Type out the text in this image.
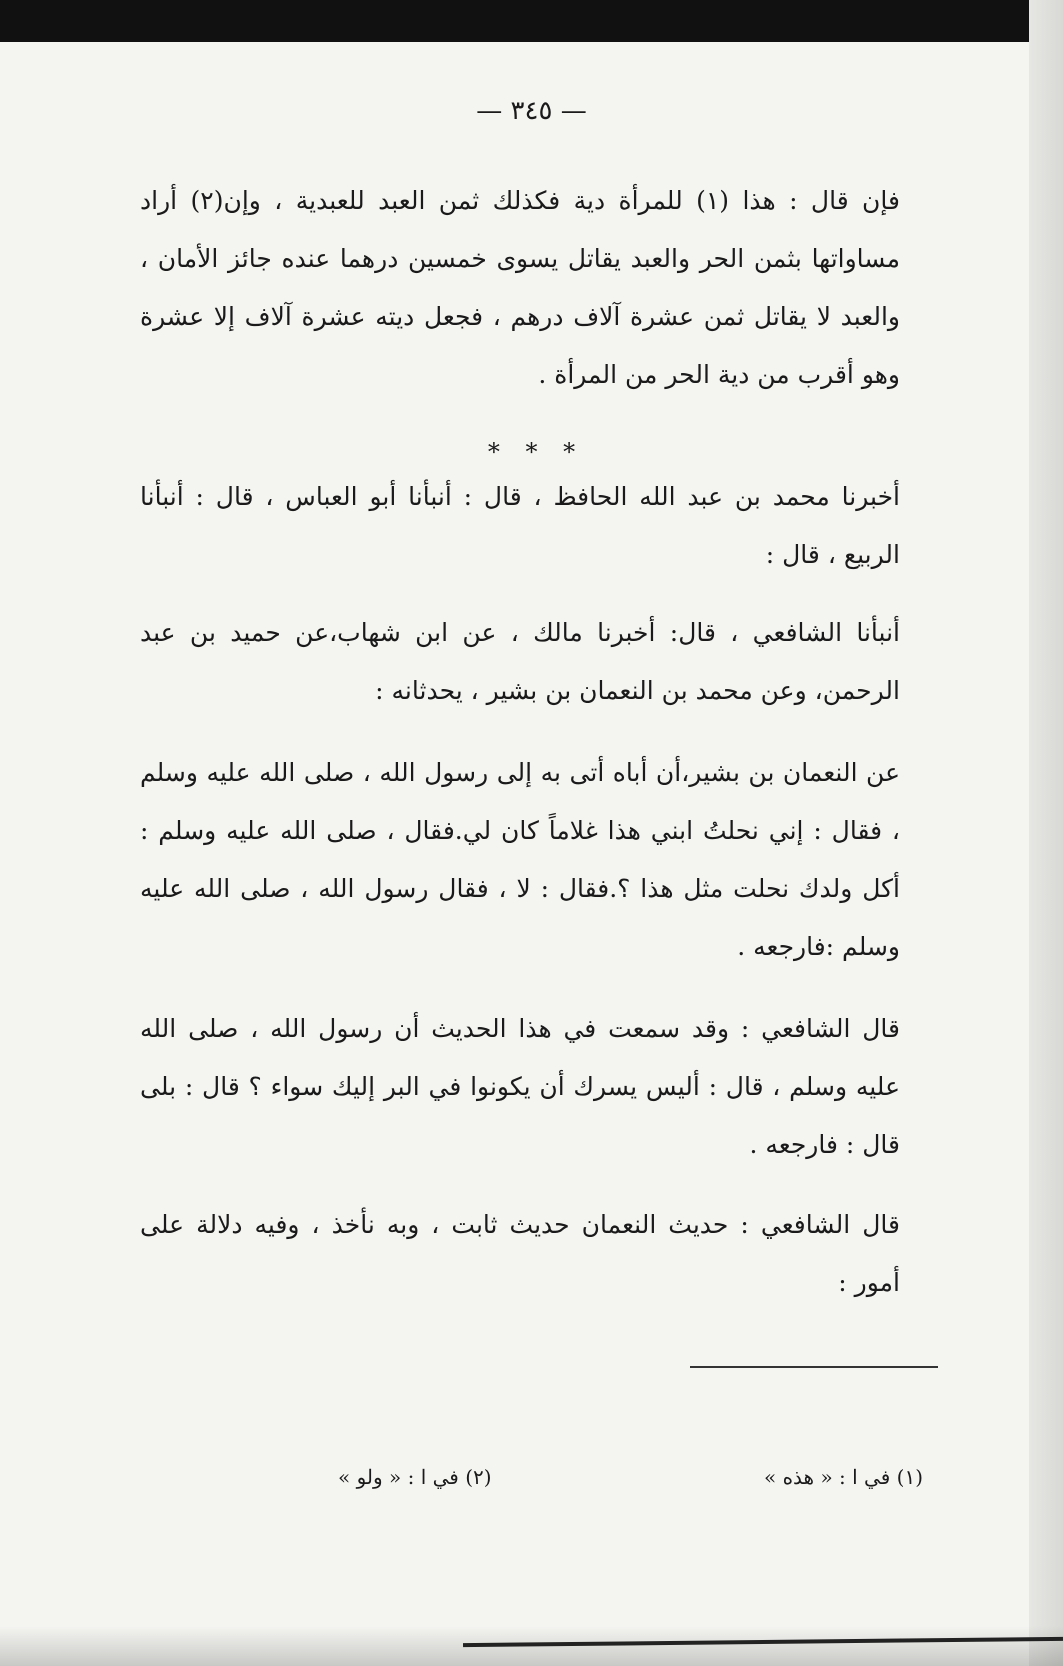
— ٣٤٥ —

فإن قال : هذا (١) للمرأة دية فكذلك ثمن العبد للعبدية ، وإن(٢) أراد مساواتها بثمن الحر والعبد يقاتل يسوى خمسين درهما عنده جائز الأمان ، والعبد لا يقاتل ثمن عشرة آلاف درهم ، فجعل ديته عشرة آلاف إلا عشرة وهو أقرب من دية الحر من المرأة .

* * *

أخبرنا محمد بن عبد الله الحافظ ، قال : أنبأنا أبو العباس ، قال : أنبأنا الربيع ، قال :

أنبأنا الشافعي ، قال: أخبرنا مالك ، عن ابن شهاب،عن حميد بن عبد الرحمن، وعن محمد بن النعمان بن بشير ، يحدثانه :

عن النعمان بن بشير،أن أباه أتى به إلى رسول الله ، صلى الله عليه وسلم ، فقال : إني نحلتُ ابني هذا غلاماً كان لي.فقال ، صلى الله عليه وسلم : أكل ولدك نحلت مثل هذا ؟.فقال : لا ، فقال رسول الله ، صلى الله عليه وسلم :فارجعه .

قال الشافعي : وقد سمعت في هذا الحديث أن رسول الله ، صلى الله عليه وسلم ، قال : أليس يسرك أن يكونوا في البر إليك سواء ؟ قال : بلى قال : فارجعه .

قال الشافعي : حديث النعمان حديث ثابت ، وبه نأخذ ، وفيه دلالة على أمور :

(١) في ا : « هذه »
(٢) في ا : « ولو »
